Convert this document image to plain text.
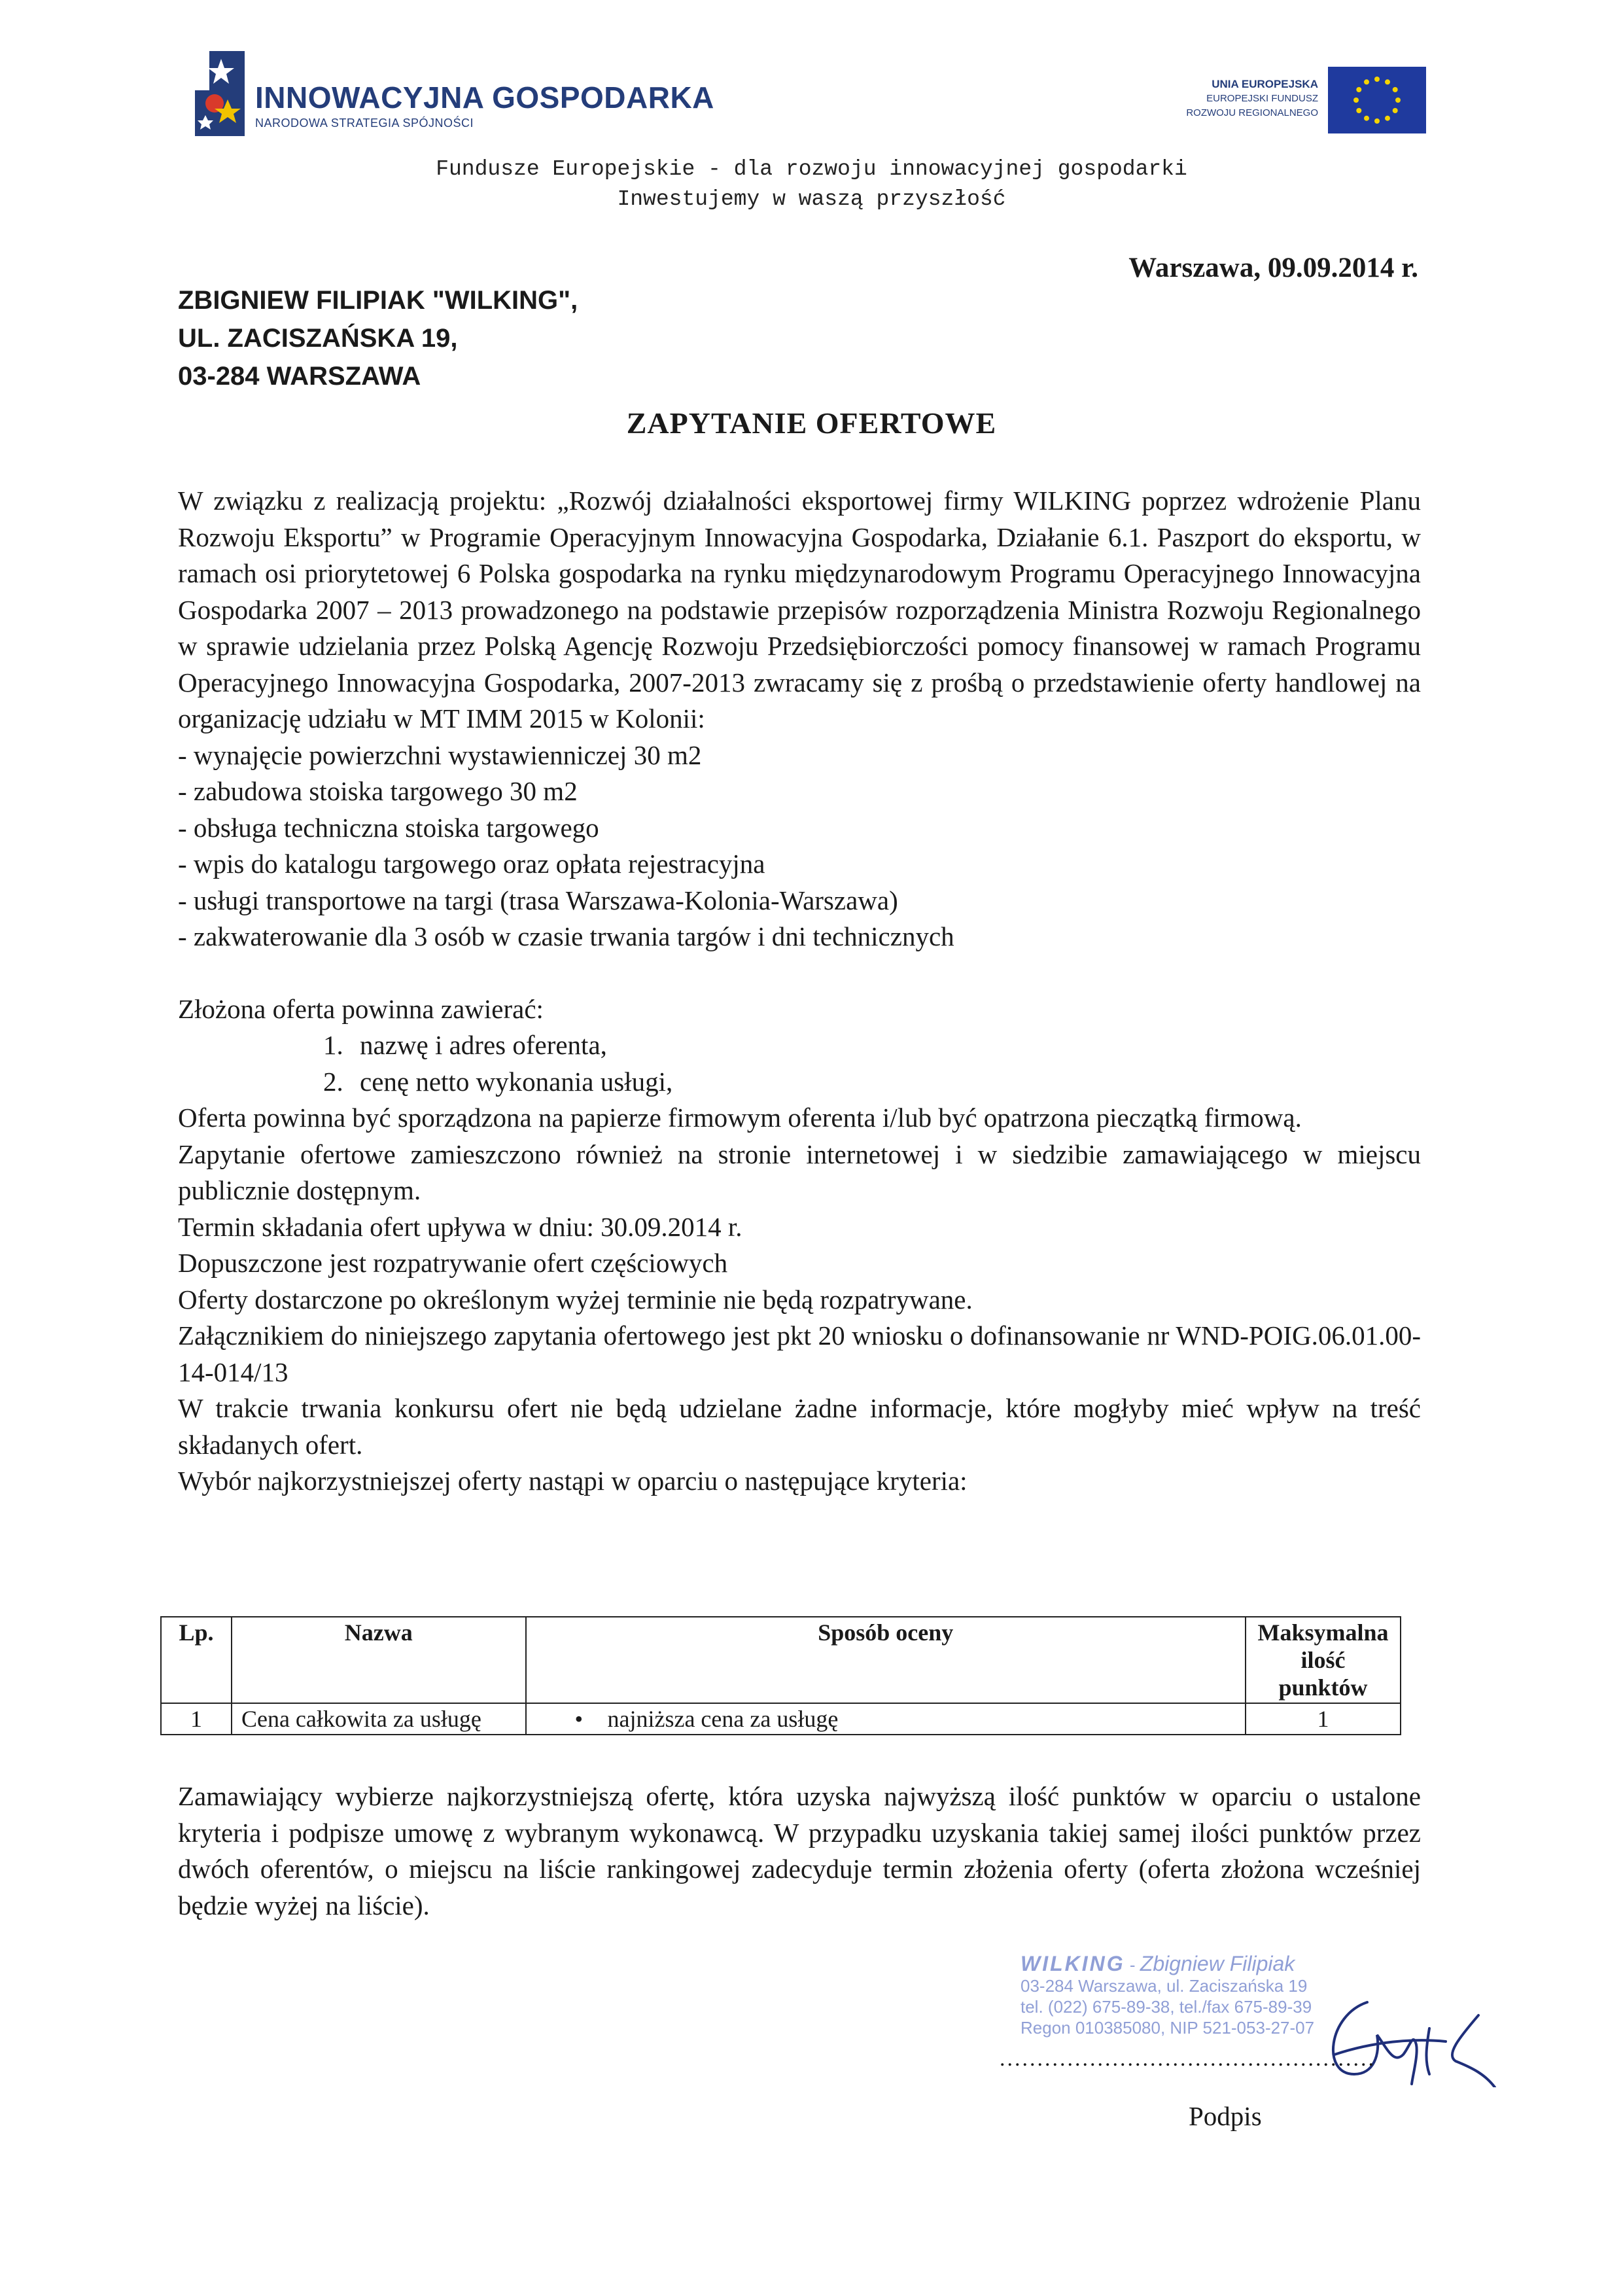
INNOWACYJNA GOSPODARKA
NARODOWA STRATEGIA SPÓJNOŚCI
UNIA EUROPEJSKA
EUROPEJSKI FUNDUSZ
ROZWOJU REGIONALNEGO
Fundusze Europejskie - dla rozwoju innowacyjnej gospodarki
Inwestujemy w waszą przyszłość
Warszawa, 09.09.2014 r.
ZBIGNIEW FILIPIAK "WILKING",
UL. ZACISZAŃSKA 19,
03-284 WARSZAWA
ZAPYTANIE OFERTOWE
W związku z realizacją projektu: „Rozwój działalności eksportowej firmy WILKING poprzez wdrożenie Planu Rozwoju Eksportu” w Programie Operacyjnym Innowacyjna Gospodarka, Działanie 6.1. Paszport do eksportu, w ramach osi priorytetowej 6 Polska gospodarka na rynku międzynarodowym Programu Operacyjnego Innowacyjna Gospodarka 2007 – 2013 prowadzonego na podstawie przepisów rozporządzenia Ministra Rozwoju Regionalnego w sprawie udzielania przez Polską Agencję Rozwoju Przedsiębiorczości pomocy finansowej w ramach Programu Operacyjnego Innowacyjna Gospodarka, 2007-2013 zwracamy się z prośbą o przedstawienie oferty handlowej na organizację udziału w MT IMM 2015 w Kolonii:
- wynajęcie powierzchni wystawienniczej 30 m2
- zabudowa stoiska targowego 30 m2
- obsługa techniczna stoiska targowego
- wpis do katalogu targowego oraz opłata rejestracyjna
- usługi transportowe na targi (trasa Warszawa-Kolonia-Warszawa)
- zakwaterowanie dla 3 osób w czasie trwania targów i dni technicznych
Złożona oferta powinna zawierać:
1. nazwę i adres oferenta,
2. cenę netto wykonania usługi,
Oferta powinna być sporządzona na papierze firmowym oferenta i/lub być opatrzona pieczątką firmową.
Zapytanie ofertowe zamieszczono również na stronie internetowej i w siedzibie zamawiającego w miejscu publicznie dostępnym.
Termin składania ofert upływa w dniu: 30.09.2014 r.
Dopuszczone jest rozpatrywanie ofert częściowych
Oferty dostarczone po określonym wyżej terminie nie będą rozpatrywane.
Załącznikiem do niniejszego zapytania ofertowego jest pkt 20 wniosku o dofinansowanie nr WND-POIG.06.01.00-14-014/13
W trakcie trwania konkursu ofert nie będą udzielane żadne informacje, które mogłyby mieć wpływ na treść składanych ofert.
Wybór najkorzystniejszej oferty nastąpi w oparciu o następujące kryteria:
Lp.	Nazwa	Sposób oceny	Maksymalna ilość punktów
1	Cena całkowita za usługę	• najniższa cena za usługę	1
Zamawiający wybierze najkorzystniejszą ofertę, która uzyska najwyższą ilość punktów w oparciu o ustalone kryteria i podpisze umowę z wybranym wykonawcą. W przypadku uzyskania takiej samej ilości punktów przez dwóch oferentów, o miejscu na liście rankingowej zadecyduje termin złożenia oferty (oferta złożona wcześniej będzie wyżej na liście).
WILKING - Zbigniew Filipiak
03-284 Warszawa, ul. Zaciszańska 19
tel. (022) 675-89-38, tel./fax 675-89-39
Regon 010385080, NIP 521-053-27-07
..................................................
Podpis
